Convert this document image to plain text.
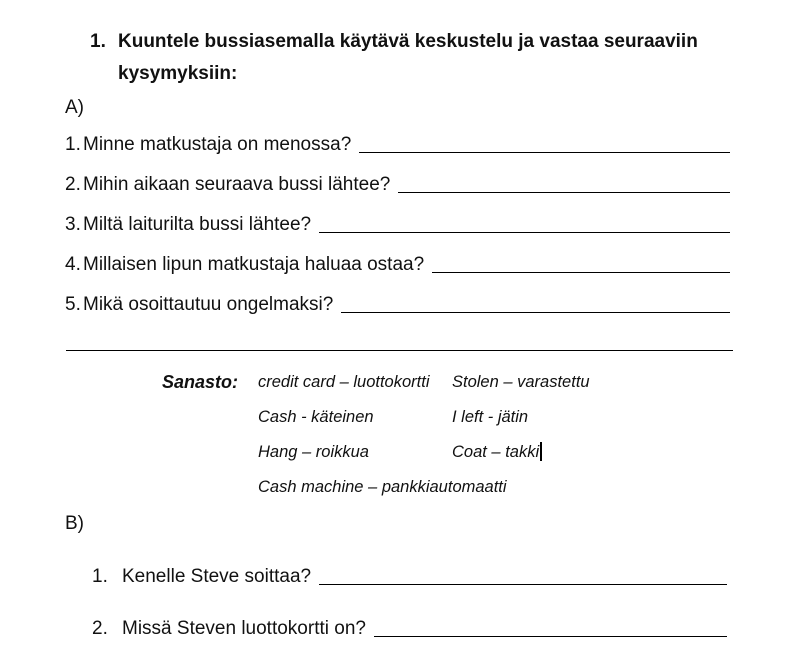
1. Kuuntele bussiasemalla käytävä keskustelu ja vastaa seuraaviin kysymyksiin:
A)
1. Minne matkustaja on menossa?
2. Mihin aikaan seuraava bussi lähtee?
3. Miltä laiturilta bussi lähtee?
4. Millaisen lipun matkustaja haluaa ostaa?
5. Mikä osoittautuu ongelmaksi?
Sanasto: credit card – luottokortti	Stolen – varastettu
Cash - käteinen	I left - jätin
Hang – roikkua	Coat – takki
Cash machine – pankkiautomaatti
B)
1. Kenelle Steve soittaa?
2. Missä Steven luottokortti on?
